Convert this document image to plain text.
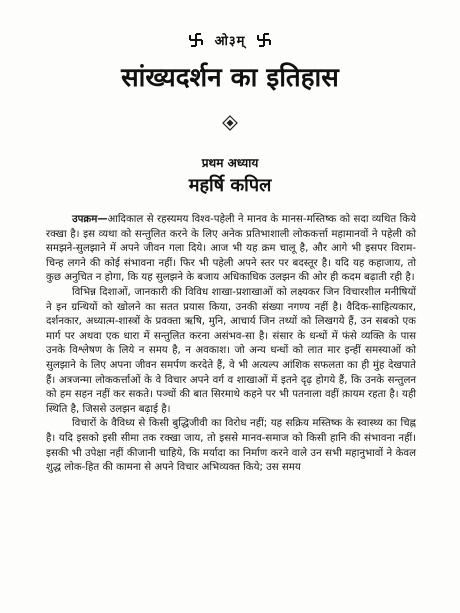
ओ३म्
सांख्यदर्शन का इतिहास
प्रथम अध्याय
महर्षि कपिल

उपक्रम—आदिकाल से रहस्यमय विश्व-पहेली ने मानव के मानस-मस्तिष्क को सदा व्यथित किये रक्खा है। इस व्यथा को सन्तुलित करने के लिए अनेक प्रतिभाशाली लोककर्त्ता महामानवों ने पहेली को समझने-सुलझाने में अपने जीवन गला दिये। आज भी यह क्रम चालू है, और आगे भी इसपर विराम-चिन्ह लगने की कोई संभावना नहीं। फिर भी पहेली अपने स्तर पर बदस्तूर है। यदि यह कहाजाय, तो कुछ अनुचित न होगा, कि यह सुलझने के बजाय अधिकाधिक उलझन की ओर ही कदम बढ़ाती रही है।

विभिन्न दिशाओं, जानकारी की विविध शाखा-प्रशाखाओं को लक्ष्यकर जिन विचारशील मनीषियों ने इन ग्रन्थियों को खोलने का सतत प्रयास किया, उनकी संख्या नगण्य नहीं है। वैदिक-साहित्यकार, दर्शनकार, अध्यात्म-शास्त्रों के प्रवक्ता ऋषि, मुनि, आचार्य जिन तथ्यों को लिखगये हैं, उन सबको एक मार्ग पर अथवा एक धारा में सन्तुलित करना असंभव-सा है। संसार के धन्धों में फंसे व्यक्ति के पास उनके विश्लेषण के लिये न समय है, न अवकाश। जो अन्य धन्धों को लात मार इन्हीं समस्याओं को सुलझाने के लिए अपना जीवन समर्पण करदेते हैं, वे भी अत्यल्प आंशिक सफलता का ही मुंह देखपाते हैं। अत्रजन्मा लोककर्त्ताओं के वे विचार अपने वर्ग व शाखाओं में इतने दृढ़ होगये हैं, कि उनके सन्तुलन को हम सहन नहीं कर सकते। पञ्चों की बात सिरमाथे कहने पर भी पतनाला वहीं क़ायम रहता है। यही स्थिति है, जिससे उलझन बढ़ाई है।

विचारों के वैविध्य से किसी बुद्धिजीवी का विरोध नहीं; यह सक्रिय मस्तिष्क के स्वास्थ्य का चिह्न है। यदि इसको इसी सीमा तक रक्खा जाय, तो इससे मानव-समाज को किसी हानि की संभावना नहीं। इसकी भी उपेक्षा नहीं कीजानी चाहिये, कि मर्यादा का निर्माण करने वाले उन सभी महानुभावों ने केवल शुद्ध लोक-हित की कामना से अपने विचार अभिव्यक्त किये; उस समय
